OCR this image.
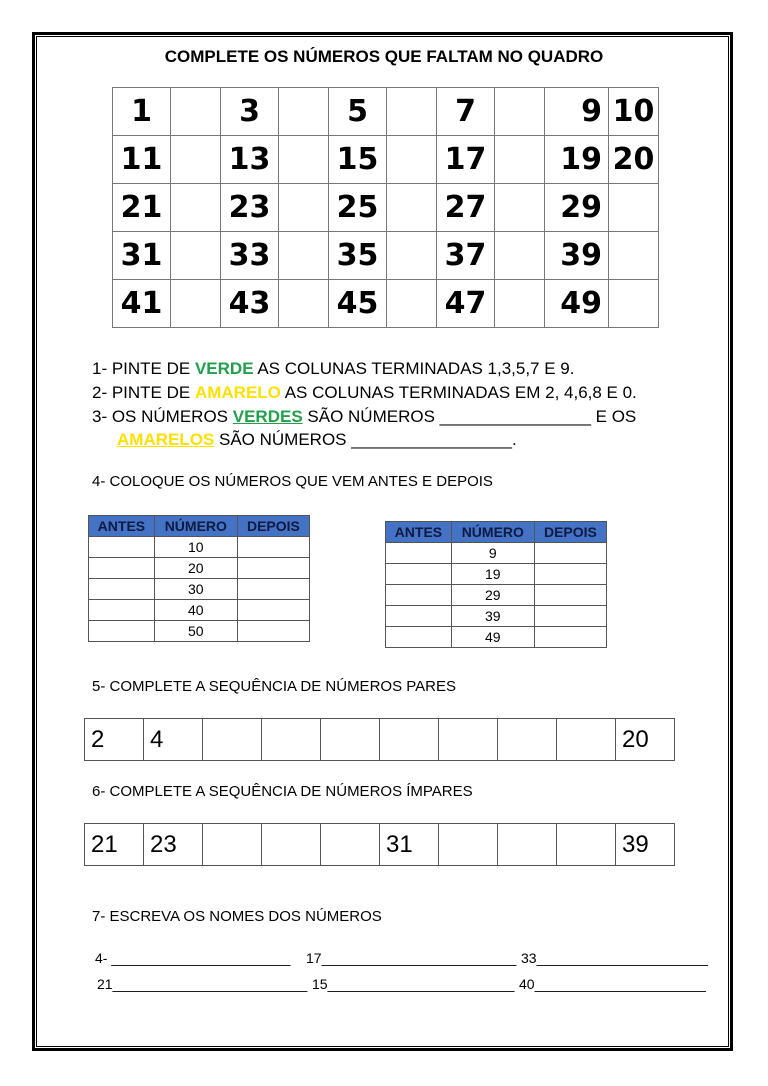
COMPLETE OS NÚMEROS QUE FALTAM NO QUADRO
1		3		5		7		9	10
11		13		15		17		19	20
21		23		25		27		29	
31		33		35		37		39	
41		43		45		47		49	
1- PINTE DE VERDE AS COLUNAS TERMINADAS 1,3,5,7 E 9.
2- PINTE DE AMARELO AS COLUNAS TERMINADAS EM 2, 4,6,8 E 0.
3- OS NÚMEROS VERDES SÃO NÚMEROS ________________ E OS
AMARELOS SÃO NÚMEROS _________________.
4- COLOQUE OS NÚMEROS QUE VEM ANTES E DEPOIS
ANTES	NÚMERO	DEPOIS
	10	
	20	
	30	
	40	
	50	
ANTES	NÚMERO	DEPOIS
	9	
	19	
	29	
	39	
	49	
5- COMPLETE A SEQUÊNCIA DE NÚMEROS PARES
2	4								20
6- COMPLETE A SEQUÊNCIA DE NÚMEROS ÍMPARES
21	23				31				39
7- ESCREVA OS NOMES DOS NÚMEROS
4- _______________________ 17_________________________ 33______________________
21_________________________ 15________________________ 40______________________
